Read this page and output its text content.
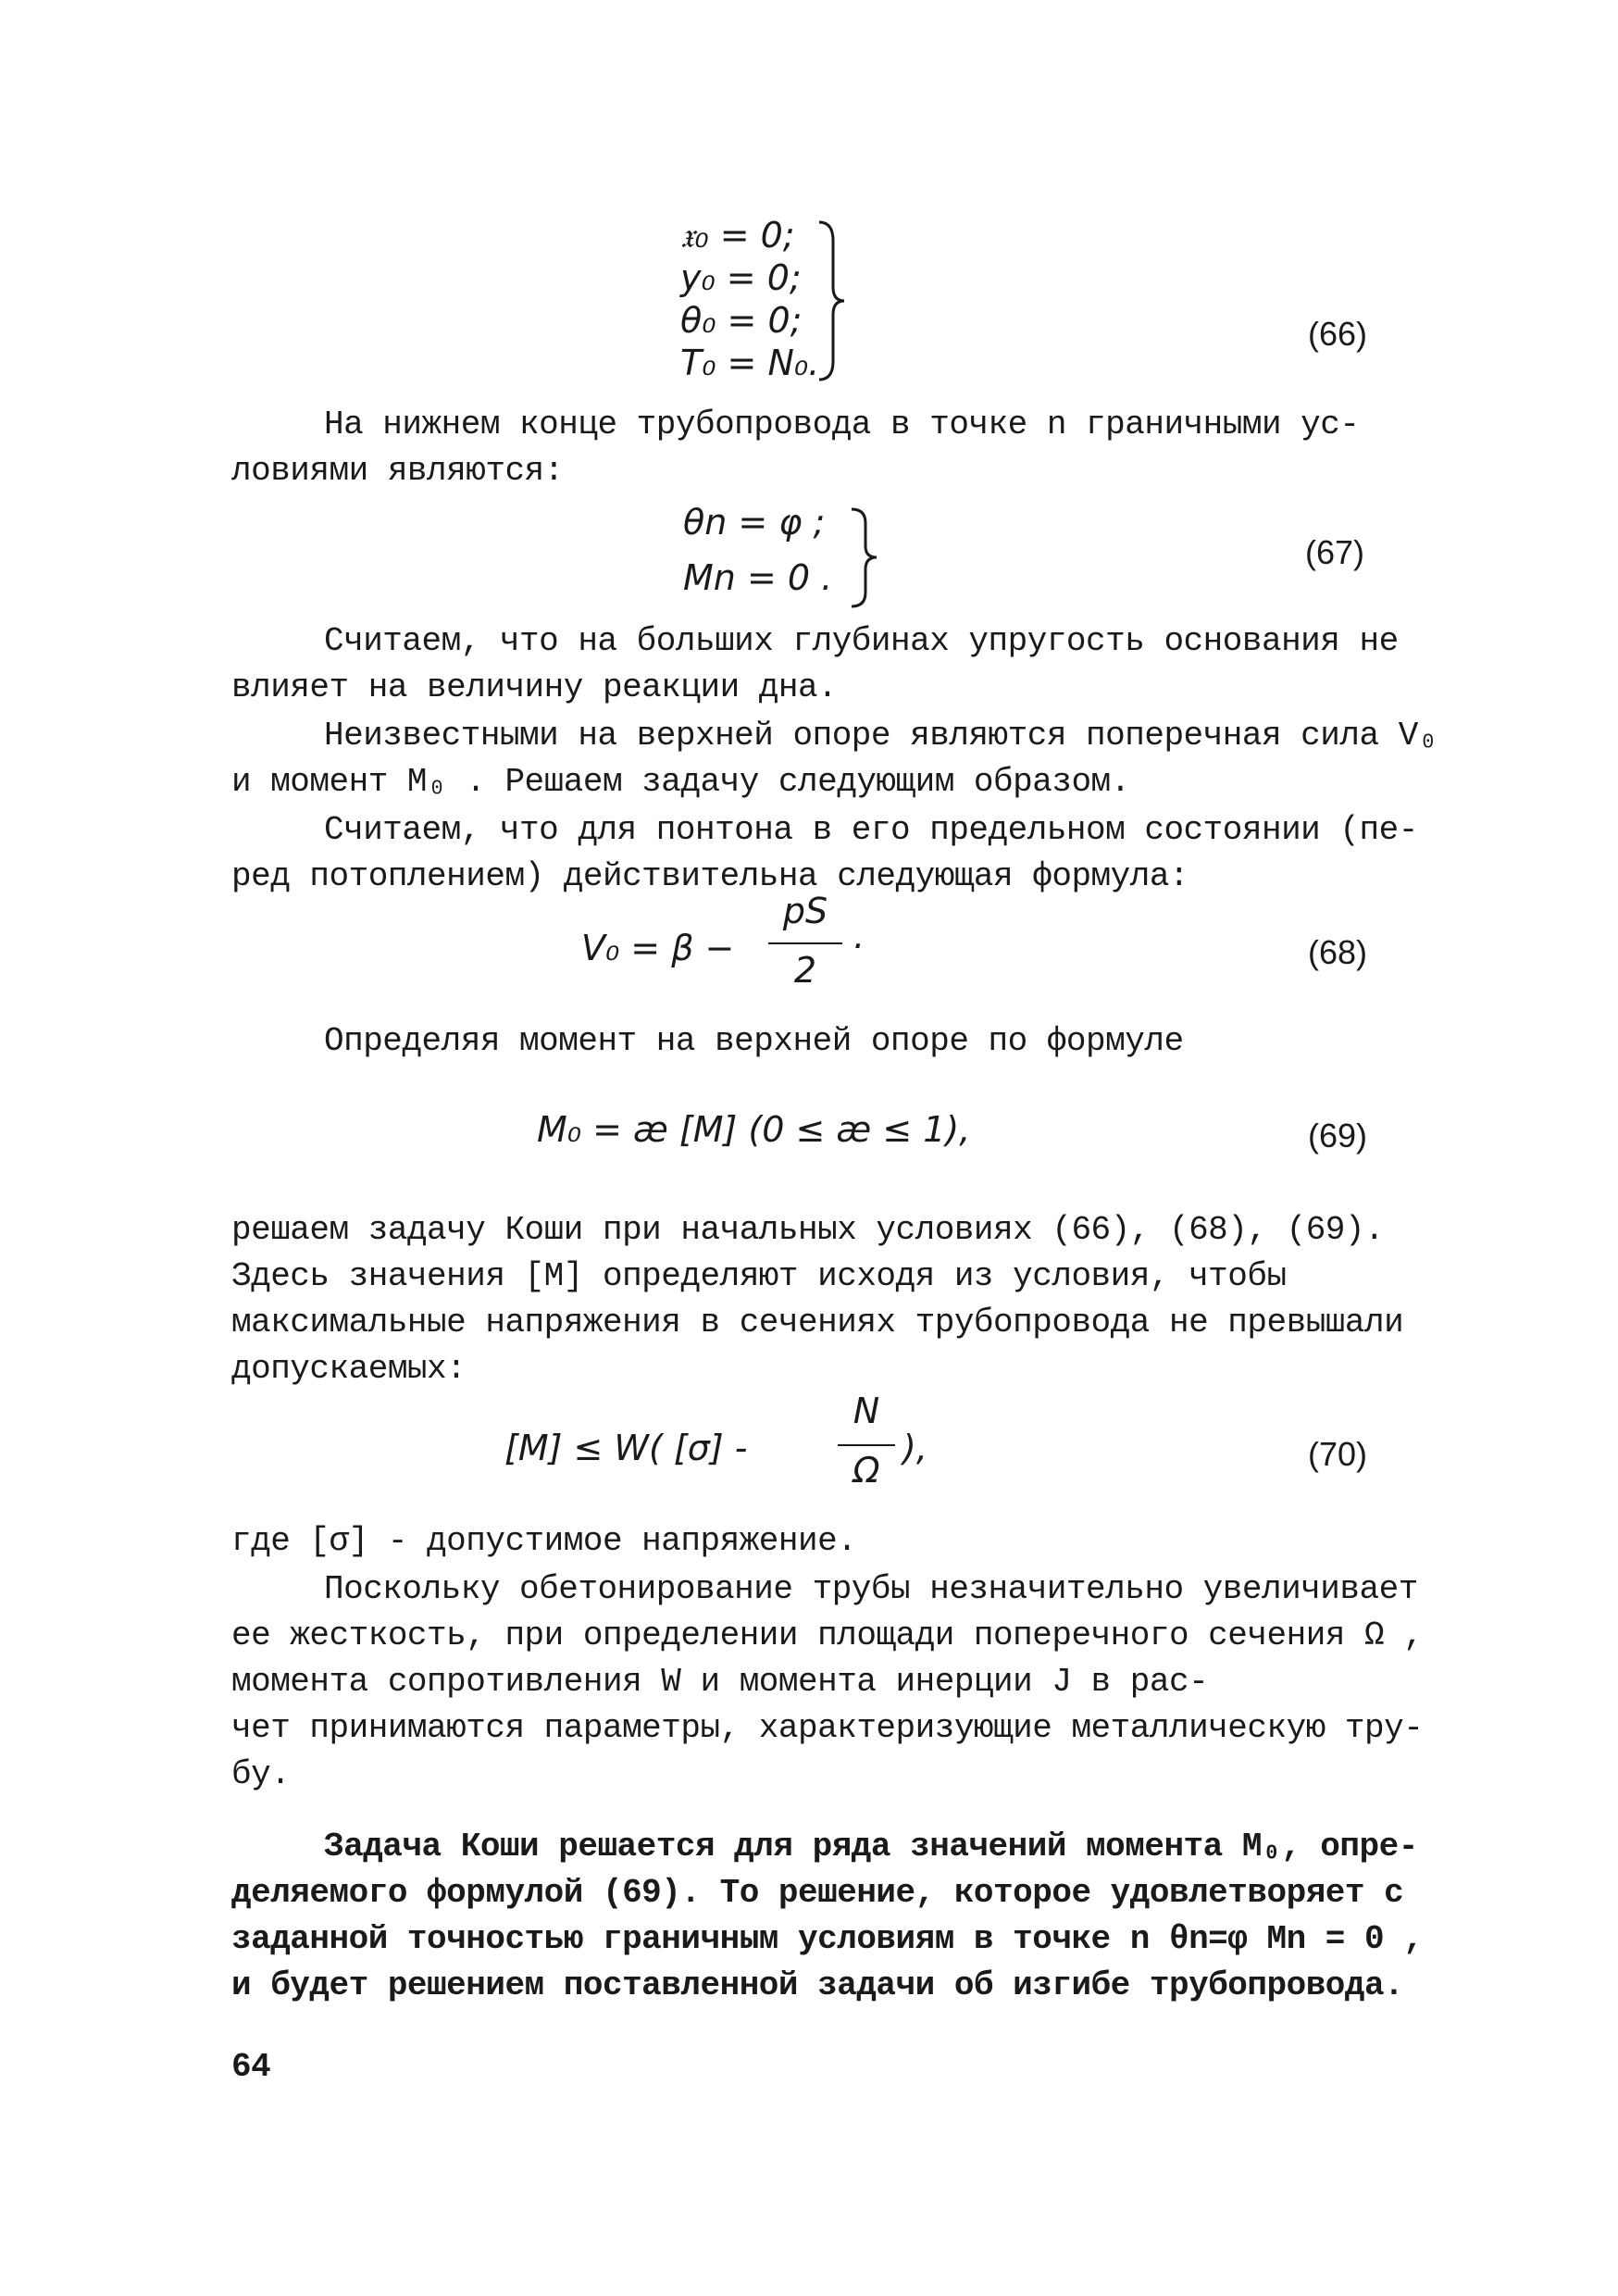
𝔵₀ = 0;
y₀ = 0;
θ₀ = 0;
T₀ = N₀.
(66)
На нижнем конце трубопровода в точке n граничными ус-
ловиями являются:
θn = φ ;
Mn = 0 .
(67)
Считаем, что на больших глубинах упругость основания не
влияет на величину реакции дна.
Неизвестными на верхней опоре являются поперечная сила V₀
и момент M₀ . Решаем задачу следующим образом.
Считаем, что для понтона в его предельном состоянии (пе-
ред потоплением) действительна следующая формула:
V₀ = β −
pS
2
·	(68)
Определяя момент на верхней опоре по формуле
M₀ = æ [M] (0 ≤ æ ≤ 1),	(69)
решаем задачу Коши при начальных условиях (66), (68), (69).
Здесь значения [M] определяют исходя из условия, чтобы
максимальные напряжения в сечениях трубопровода не превышали
допускаемых:
[M] ≤ W( [σ] -
N
Ω
),	(70)
где [σ] - допустимое напряжение.
Поскольку обетонирование трубы незначительно увеличивает
ее жесткость, при определении площади поперечного сечения Ω ,
момента сопротивления W и момента инерции J в рас-
чет принимаются параметры, характеризующие металлическую тру-
бу.
Задача Коши решается для ряда значений момента M₀, опре-
деляемого формулой (69). То решение, которое удовлетворяет с
заданной точностью граничным условиям в точке n θn=φ Mn = 0 ,
и будет решением поставленной задачи об изгибе трубопровода.
64
